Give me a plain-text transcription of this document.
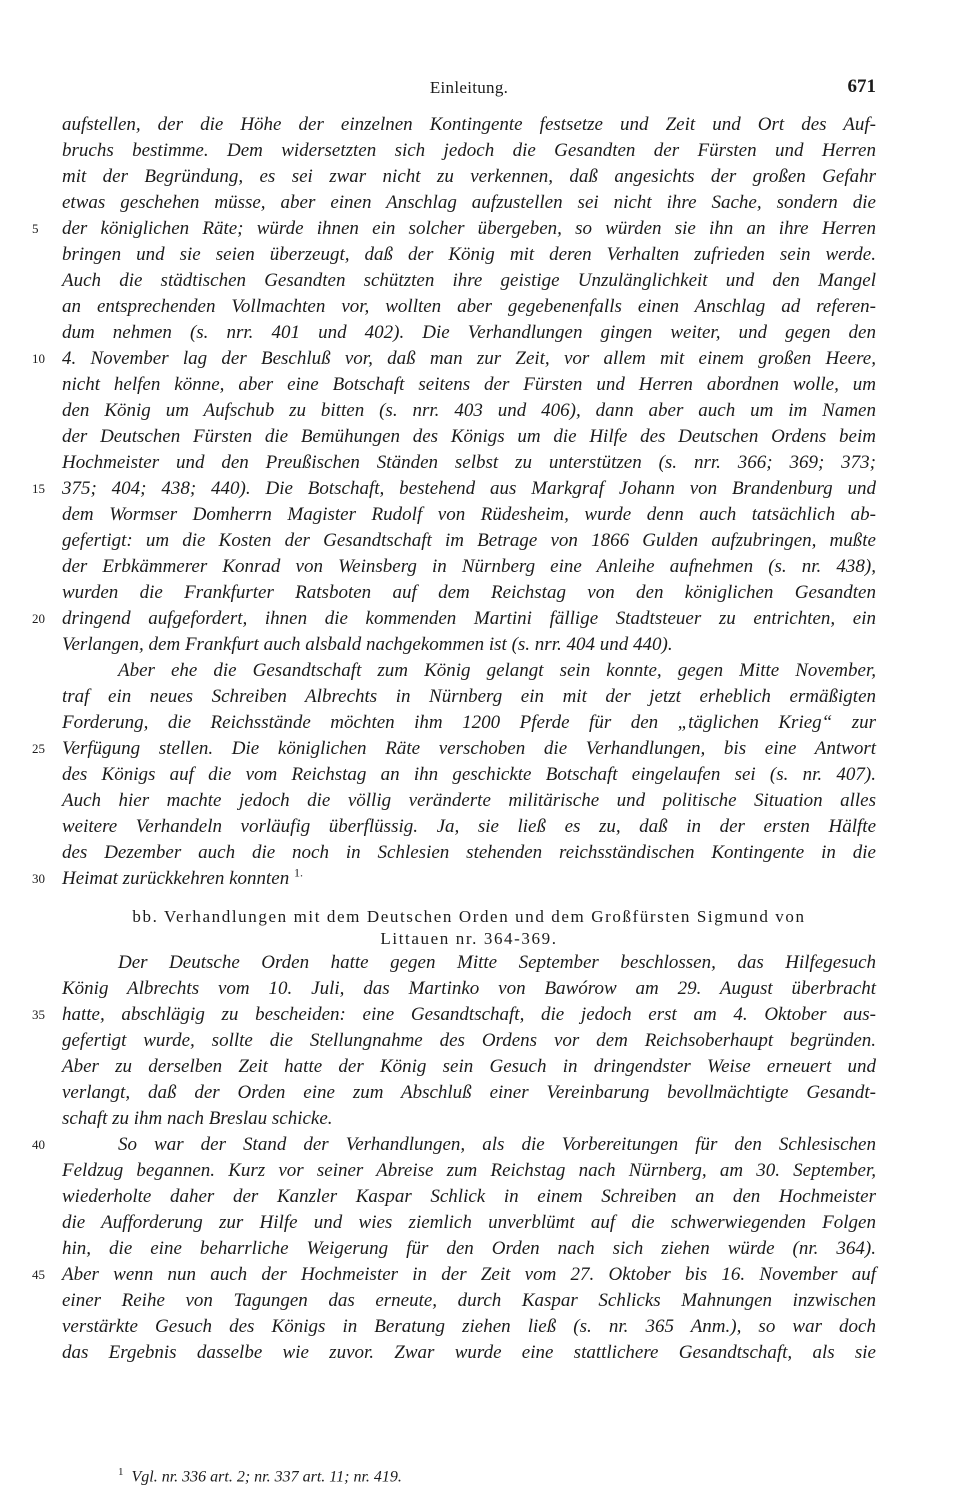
Einleitung.	671
aufstellen, der die Höhe der einzelnen Kontingente festsetze und Zeit und Ort des Auf-
bruchs bestimme. Dem widersetzten sich jedoch die Gesandten der Fürsten und Herren
mit der Begründung, es sei zwar nicht zu verkennen, daß angesichts der großen Gefahr
etwas geschehen müsse, aber einen Anschlag aufzustellen sei nicht ihre Sache, sondern die
5	der königlichen Räte; würde ihnen ein solcher übergeben, so würden sie ihn an ihre Herren
bringen und sie seien überzeugt, daß der König mit deren Verhalten zufrieden sein werde.
Auch die städtischen Gesandten schützten ihre geistige Unzulänglichkeit und den Mangel
an entsprechenden Vollmachten vor, wollten aber gegebenenfalls einen Anschlag ad referen-
dum nehmen (s. nrr. 401 und 402). Die Verhandlungen gingen weiter, und gegen den
10 4. November lag der Beschluß vor, daß man zur Zeit, vor allem mit einem großen Heere,
nicht helfen könne, aber eine Botschaft seitens der Fürsten und Herren abordnen wolle, um
den König um Aufschub zu bitten (s. nrr. 403 und 406), dann aber auch um im Namen
der Deutschen Fürsten die Bemühungen des Königs um die Hilfe des Deutschen Ordens beim
Hochmeister und den Preußischen Ständen selbst zu unterstützen (s. nrr. 366; 369; 373;
15 375; 404; 438; 440). Die Botschaft, bestehend aus Markgraf Johann von Brandenburg und
dem Wormser Domherrn Magister Rudolf von Rüdesheim, wurde denn auch tatsächlich ab-
gefertigt: um die Kosten der Gesandtschaft im Betrage von 1866 Gulden aufzubringen, mußte
der Erbkämmerer Konrad von Weinsberg in Nürnberg eine Anleihe aufnehmen (s. nr. 438),
wurden die Frankfurter Ratsboten auf dem Reichstag von den königlichen Gesandten
20 dringend aufgefordert, ihnen die kommenden Martini fällige Stadtsteuer zu entrichten, ein
Verlangen, dem Frankfurt auch alsbald nachgekommen ist (s. nrr. 404 und 440).
Aber ehe die Gesandtschaft zum König gelangt sein konnte, gegen Mitte November,
traf ein neues Schreiben Albrechts in Nürnberg ein mit der jetzt erheblich ermäßigten
Forderung, die Reichsstände möchten ihm 1200 Pferde für den „täglichen Krieg“ zur
25 Verfügung stellen. Die königlichen Räte verschoben die Verhandlungen, bis eine Antwort
des Königs auf die vom Reichstag an ihn geschickte Botschaft eingelaufen sei (s. nr. 407).
Auch hier machte jedoch die völlig veränderte militärische und politische Situation alles
weitere Verhandeln vorläufig überflüssig. Ja, sie ließ es zu, daß in der ersten Hälfte
des Dezember auch die noch in Schlesien stehenden reichsständischen Kontingente in die
30 Heimat zurückkehren konnten $^{1.}$
bb. Verhandlungen mit dem Deutschen Orden und dem Großfürsten Sigmund von
Littauen nr. 364-369.
Der Deutsche Orden hatte gegen Mitte September beschlossen, das Hilfegesuch
König Albrechts vom 10. Juli, das Martinko von Bawórow am 29. August überbracht
35 hatte, abschlägig zu bescheiden: eine Gesandtschaft, die jedoch erst am 4. Oktober aus-
gefertigt wurde, sollte die Stellungnahme des Ordens vor dem Reichsoberhaupt begründen.
Aber zu derselben Zeit hatte der König sein Gesuch in dringendster Weise erneuert und
verlangt, daß der Orden eine zum Abschluß einer Vereinbarung bevollmächtigte Gesandt-
schaft zu ihm nach Breslau schicke.
40	So war der Stand der Verhandlungen, als die Vorbereitungen für den Schlesischen
Feldzug begannen. Kurz vor seiner Abreise zum Reichstag nach Nürnberg, am 30. September,
wiederholte daher der Kanzler Kaspar Schlick in einem Schreiben an den Hochmeister
die Aufforderung zur Hilfe und wies ziemlich unverblümt auf die schwerwiegenden Folgen
hin, die eine beharrliche Weigerung für den Orden nach sich ziehen würde (nr. 364).
45 Aber wenn nun auch der Hochmeister in der Zeit vom 27. Oktober bis 16. November auf
einer Reihe von Tagungen das erneute, durch Kaspar Schlicks Mahnungen inzwischen
verstärkte Gesuch des Königs in Beratung ziehen ließ (s. nr. 365 Anm.), so war doch
das Ergebnis dasselbe wie zuvor. Zwar wurde eine stattlichere Gesandtschaft, als sie
$^1$ Vgl. nr. 336 art. 2; nr. 337 art. 11; nr. 419.
